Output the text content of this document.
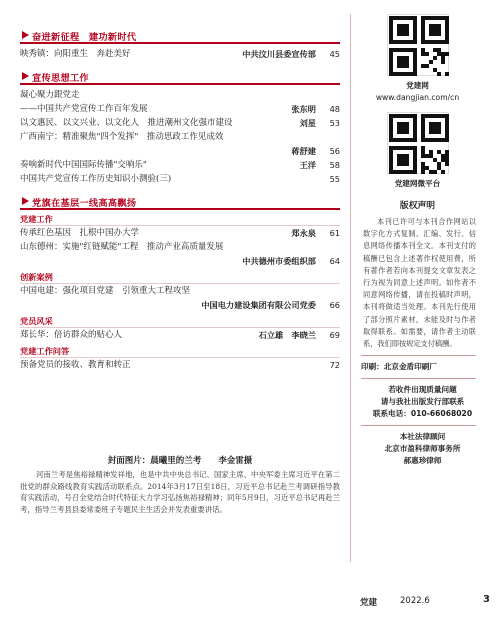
奋进新征程　建功新时代
映秀镇：向阳重生　奔赴美好	中共汶川县委宣传部	45
宣传思想工作
凝心聚力跟党走
——中国共产党宣传工作百年发展	张东明	48
以文惠民、以文兴业、以文化人　推进潮州文化强市建设	刘星	53
广西南宁：精准聚焦"四个发挥"　推动思政工作见成效
蒋舒建	56
奏响新时代中国国际传播"交响乐"	王洋	58
中国共产党宣传工作历史知识小测验(三)	55
党旗在基层一线高高飘扬
党建工作
传承红色基因　扎根中国办大学	郑永泉	61
山东德州：实施"红链赋能"工程　推动产业高质量发展
中共德州市委组织部	64
创新案例
中国电建：强化项目党建　引领重大工程攻坚
中国电力建设集团有限公司党委	66
党员风采
郑长华：倍访群众的贴心人	石立雄　李晓兰	69
党建工作问答
预备党员的接收、教育和转正	72
封面图片：晨曦里的兰考　　李金雷摄

河南兰考是焦裕禄精神发祥地，也是中共中央总书记、国家主席、中央军委主席习近平在第二批党的群众路线教育实践活动联系点。2014年3月17日至18日，习近平总书记赴兰考调研指导教育实践活动，号召全党结合时代特征大力学习弘扬焦裕禄精神；同年5月9日，习近平总书记再赴兰考，指导兰考县县委常委班子专题民主生活会并发表重要讲话。

党建网
www.dangjian.com/cn
党建网微平台
版权声明
本刊已许可与本刊合作网站以数字化方式复制、汇编、发行、信息网络传播本刊全文。本刊支付的稿酬已包含上述著作权使用费，所有著作者若向本刊提交文章发表之行为视为同意上述声明。如作者不同意网络传播，请在投稿时声明，本刊将做适当处理。本刊先行使用了部分照片素材，未能及时与作者取得联系。如需要，请作者主动联系，我们即按规定支付稿酬。
印刷：北京金盾印刷厂
若收件出现质量问题
请与我社出版发行部联系
联系电话：010-66068020
本社法律顾问
北京市盈科律师事务所
郝惠珍律师
党建	2022.6	3
